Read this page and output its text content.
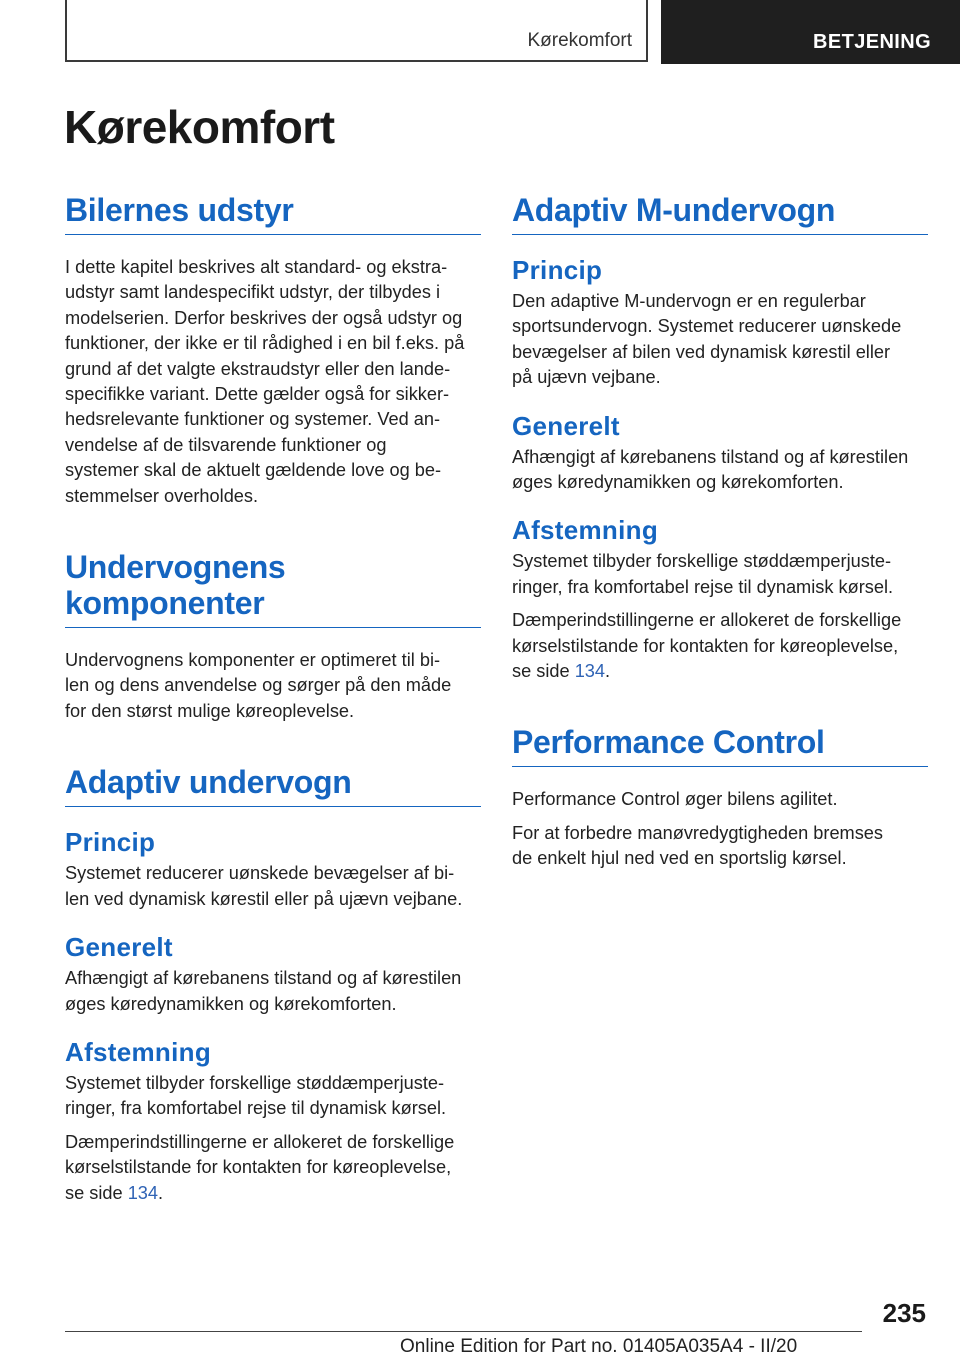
Kørekomfort	BETJENING
Kørekomfort
Bilernes udstyr

I dette kapitel beskrives alt standard- og ekstra-
udstyr samt landespecifikt udstyr, der tilbydes i
modelserien. Derfor beskrives der også udstyr og
funktioner, der ikke er til rådighed i en bil f.eks. på
grund af det valgte ekstraudstyr eller den lande-
specifikke variant. Dette gælder også for sikker-
hedsrelevante funktioner og systemer. Ved an-
vendelse af de tilsvarende funktioner og
systemer skal de aktuelt gældende love og be-
stemmelser overholdes.

Undervognens
komponenter

Undervognens komponenter er optimeret til bi-
len og dens anvendelse og sørger på den måde
for den størst mulige køreoplevelse.

Adaptiv undervogn
Princip

Systemet reducerer uønskede bevægelser af bi-
len ved dynamisk kørestil eller på ujævn vejbane.

Generelt

Afhængigt af kørebanens tilstand og af kørestilen
øges køredynamikken og kørekomforten.

Afstemning

Systemet tilbyder forskellige støddæmperjuste-
ringer, fra komfortabel rejse til dynamisk kørsel.

Dæmperindstillingerne er allokeret de forskellige
kørselstilstande for kontakten for køreoplevelse,
se side 134.

Adaptiv M-undervogn
Princip

Den adaptive M-undervogn er en regulerbar
sportsundervogn. Systemet reducerer uønskede
bevægelser af bilen ved dynamisk kørestil eller
på ujævn vejbane.

Generelt

Afhængigt af kørebanens tilstand og af kørestilen
øges køredynamikken og kørekomforten.

Afstemning

Systemet tilbyder forskellige støddæmperjuste-
ringer, fra komfortabel rejse til dynamisk kørsel.

Dæmperindstillingerne er allokeret de forskellige
kørselstilstande for kontakten for køreoplevelse,
se side 134.

Performance Control

Performance Control øger bilens agilitet.

For at forbedre manøvredygtigheden bremses
de enkelt hjul ned ved en sportslig kørsel.

235
Online Edition for Part no. 01405A035A4 - II/20
